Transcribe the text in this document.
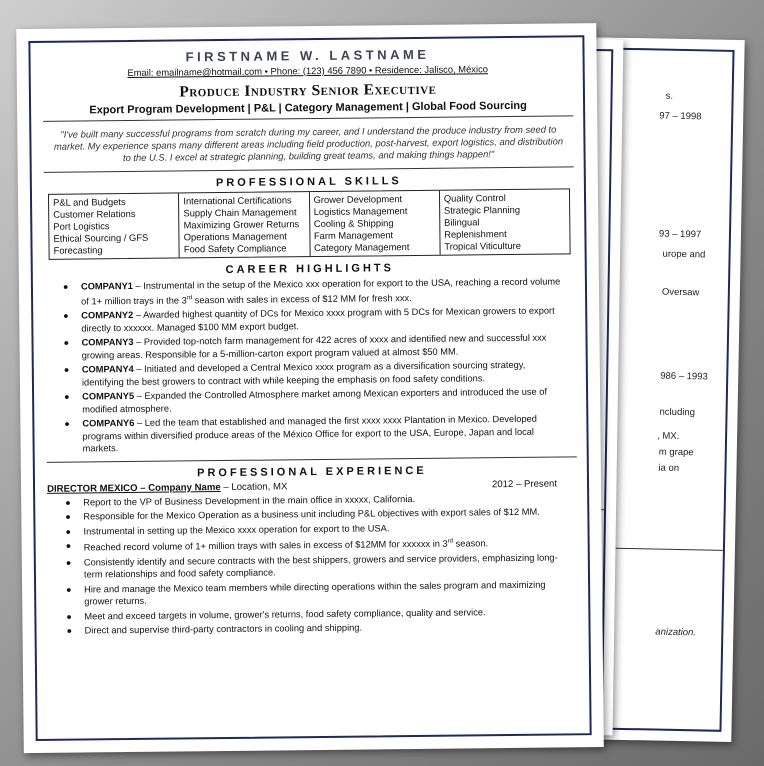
s.
97 – 1998
93 – 1997
urope and
Oversaw
986 – 1993
ncluding
, MX.
m grape
ia on
anization.
FIRSTNAME W. LASTNAME
Email: emailname@hotmail.com • Phone: (123) 456 7890 • Residence: Jalisco, México
Produce Industry Senior Executive
Export Program Development | P&L | Category Management | Global Food Sourcing
"I've built many successful programs from scratch during my career, and I understand the produce industry from seed to market. My experience spans many different areas including field production, post-harvest, export logistics, and distribution to the U.S. I excel at strategic planning, building great teams, and making things happen!"
PROFESSIONAL SKILLS
P&L and Budgets
Customer Relations
Port Logistics
Ethical Sourcing / GFS
Forecasting
International Certifications
Supply Chain Management
Maximizing Grower Returns
Operations Management
Food Safety Compliance
Grower Development
Logistics Management
Cooling & Shipping
Farm Management
Category Management
Quality Control
Strategic Planning
Bilingual
Replenishment
Tropical Viticulture
CAREER HIGHLIGHTS
● COMPANY1 – Instrumental in the setup of the Mexico xxx operation for export to the USA, reaching a record volume of 1+ million trays in the 3rd season with sales in excess of $12 MM for fresh xxx.
● COMPANY2 – Awarded highest quantity of DCs for Mexico xxxx program with 5 DCs for Mexican growers to export directly to xxxxxx. Managed $100 MM export budget.
● COMPANY3 – Provided top-notch farm management for 422 acres of xxxx and identified new and successful xxx growing areas. Responsible for a 5-million-carton export program valued at almost $50 MM.
● COMPANY4 – Initiated and developed a Central Mexico xxxx program as a diversification sourcing strategy, identifying the best growers to contract with while keeping the emphasis on food safety conditions.
● COMPANY5 – Expanded the Controlled Atmosphere market among Mexican exporters and introduced the use of modified atmosphere.
● COMPANY6 – Led the team that established and managed the first xxxx xxxx Plantation in Mexico. Developed programs within diversified produce areas of the México Office for export to the USA, Europe, Japan and local markets.
PROFESSIONAL EXPERIENCE
DIRECTOR MEXICO – Company Name – Location, MX	2012 – Present
● Report to the VP of Business Development in the main office in xxxxx, California.
● Responsible for the Mexico Operation as a business unit including P&L objectives with export sales of $12 MM.
● Instrumental in setting up the Mexico xxxx operation for export to the USA.
● Reached record volume of 1+ million trays with sales in excess of $12MM for xxxxxx in 3rd season.
● Consistently identify and secure contracts with the best shippers, growers and service providers, emphasizing long-term relationships and food safety compliance.
● Hire and manage the Mexico team members while directing operations within the sales program and maximizing grower returns.
● Meet and exceed targets in volume, grower's returns, food safety compliance, quality and service.
● Direct and supervise third-party contractors in cooling and shipping.
